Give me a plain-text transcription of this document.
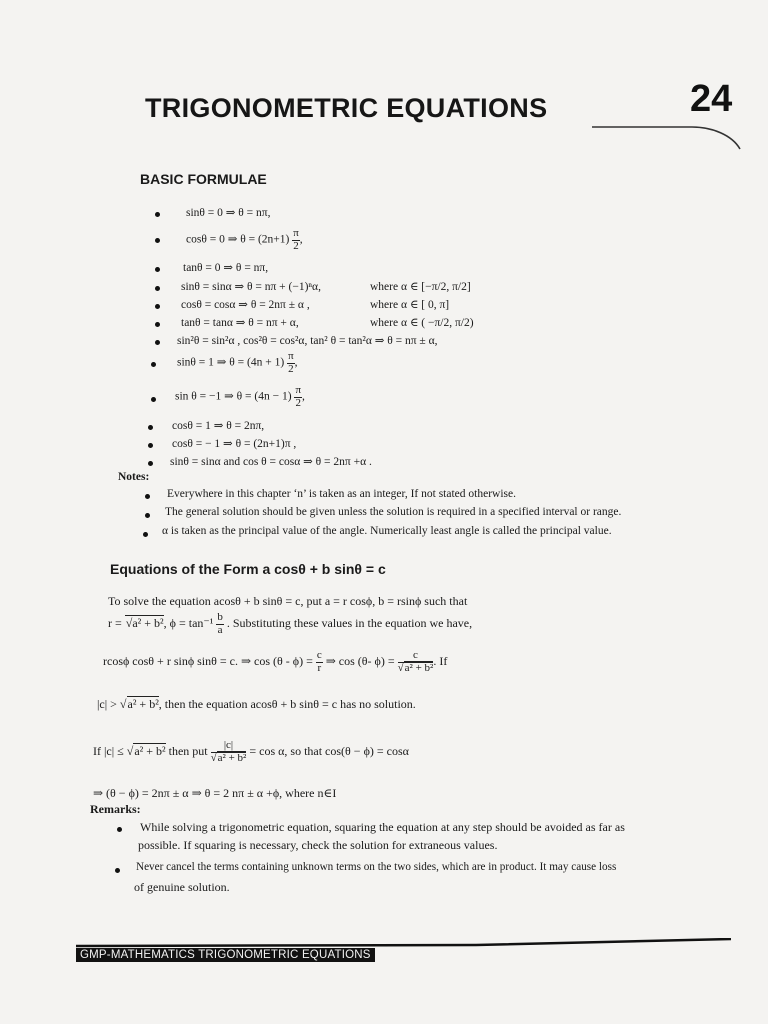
TRIGONOMETRIC EQUATIONS	24
BASIC FORMULAE
sinθ = 0 ⇒ θ = nπ,
cosθ = 0 ⇒ $\theta = (2n+1) \frac{\pi}{2}$ ,
tanθ = 0 ⇒ θ = nπ,
sinθ = sinα ⇒ θ = nπ + (−1)ⁿα,	where α ∈ [−π/2, π/2]
cosθ = cosα ⇒ θ = 2nπ ± α ,	where α ∈ [ 0, π]
tanθ = tanα ⇒ θ = nπ + α,	where α ∈ ( −π/2, π/2)
sin²θ = sin²α , cos²θ = cos²α, tan² θ = tan²α ⇒ θ = nπ ± α,
sinθ = 1 ⇒ $\theta = (4n + 1) \frac{\pi}{2}$ ,
sin θ = −1 ⇒ $\theta = (4n - 1) \frac{\pi}{2}$ ,
cosθ = 1 ⇒ θ = 2nπ,
cosθ = − 1 ⇒ θ = (2n+1)π ,
sinθ = sinα and cos θ = cosα ⇒ θ = 2nπ +α .
Notes:
Everywhere in this chapter ‘n’ is taken as an integer, If not stated otherwise.
The general solution should be given unless the solution is required in a specified interval or range.
α is taken as the principal value of the angle. Numerically least angle is called the principal value.
Equations of the Form a cosθ + b sinθ = c
To solve the equation acosθ + b sinθ = c, put a = r cosϕ, b = rsinϕ such that
r = √a² + b², $\phi = \tan^{-1} \frac{b}{a}$ . Substituting these values in the equation we have,
rcosϕ cosθ + r sinϕ sinθ = c. ⇒ $\cos (\theta - \phi) = \frac{c}{r}$ ⇒ cos (θ- $\phi) = \frac{c}{\text{√a² + b²}}$ . If
|c| > √a² + b², then the equation acosθ + b sinθ = c has no solution.
If |c| ≤ √a² + b² then put $\frac{|c|}{\text{√a² + b²}} = \cos \alpha$, so that cos(θ − ϕ) = cosα
⇒ (θ − ϕ) = 2nπ ± α ⇒ θ = 2 nπ ± α +ϕ, where n∈I
Remarks:
While solving a trigonometric equation, squaring the equation at any step should be avoided as far as
possible. If squaring is necessary, check the solution for extraneous values.
Never cancel the terms containing unknown terms on the two sides, which are in product. It may cause loss
of genuine solution.
GMP-MATHEMATICS TRIGONOMETRIC EQUATIONS
